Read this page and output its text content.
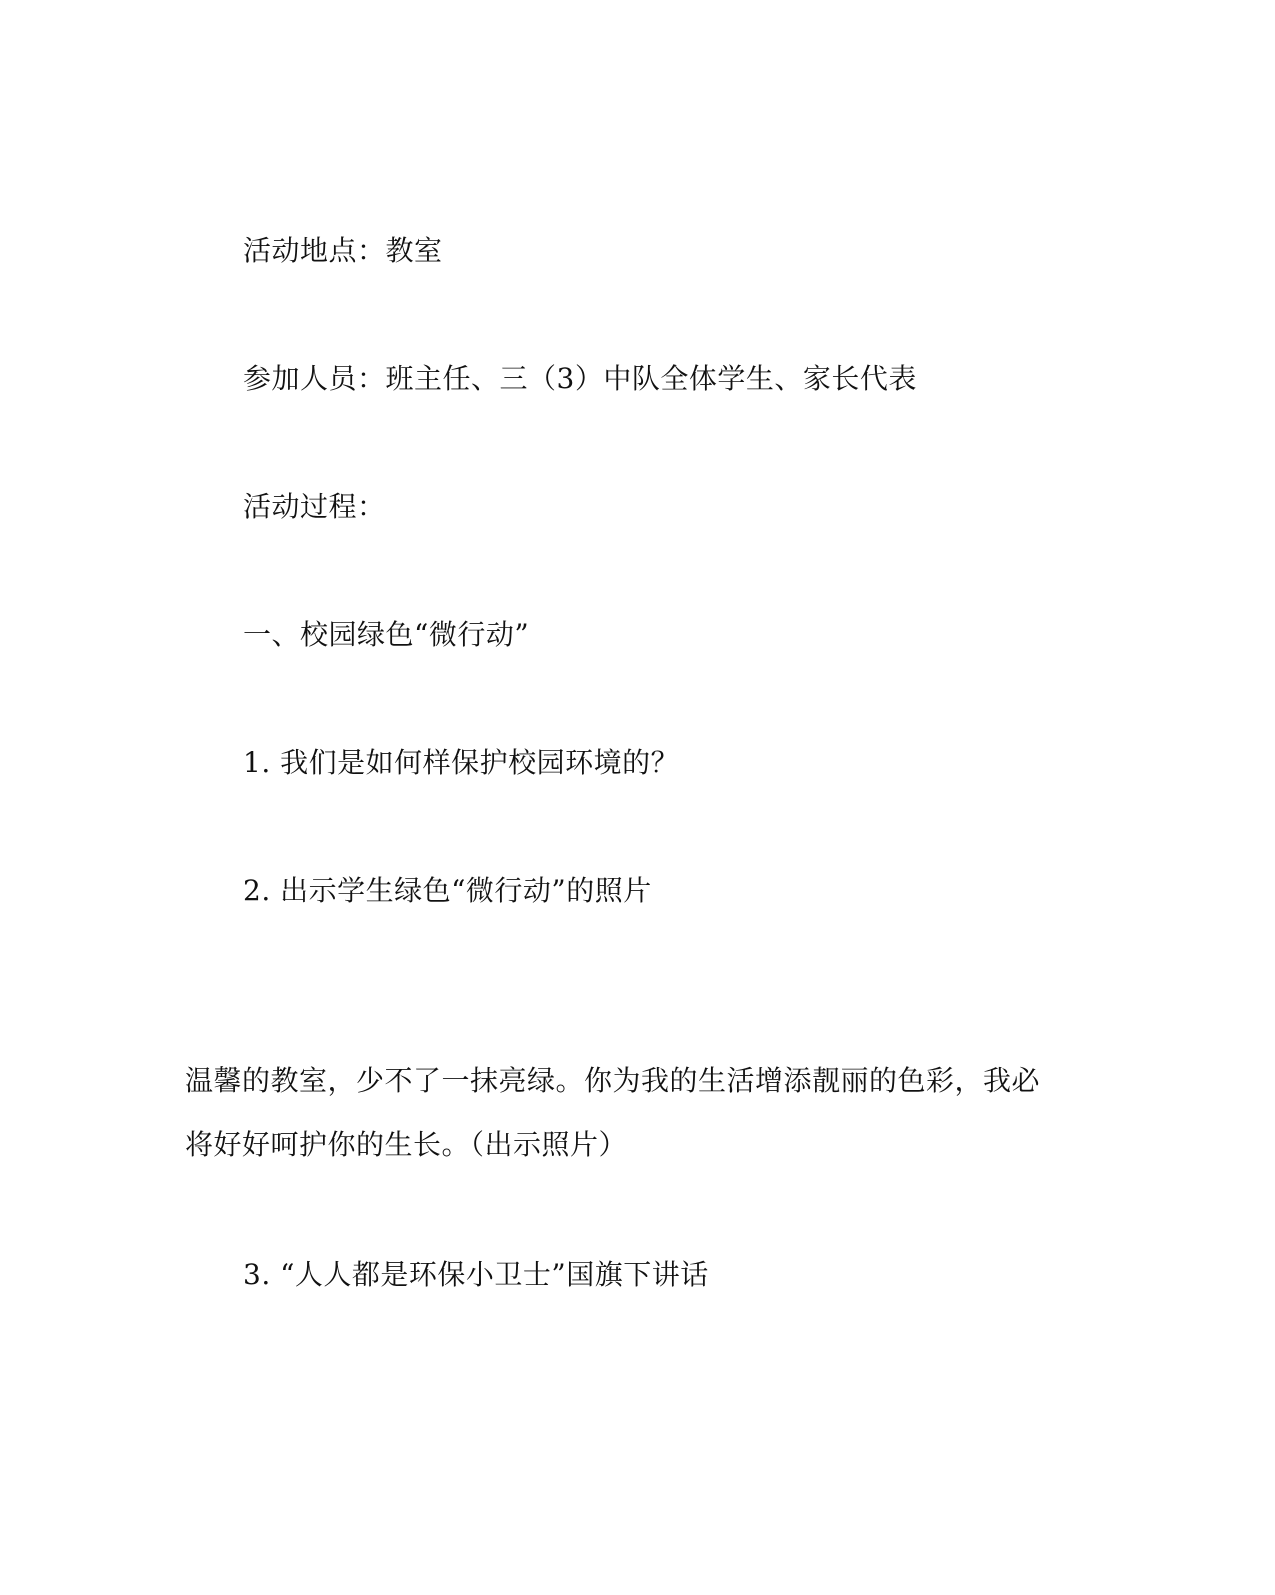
活动地点：教室
参加人员：班主任、三（3）中队全体学生、家长代表
活动过程：
一、校园绿色“微行动”
1. 我们是如何样保护校园环境的？
2. 出示学生绿色“微行动”的照片
温馨的教室，少不了一抹亮绿。你为我的生活增添靓丽的色彩，我必
将好好呵护你的生长。（出示照片）
3. “人人都是环保小卫士”国旗下讲话
